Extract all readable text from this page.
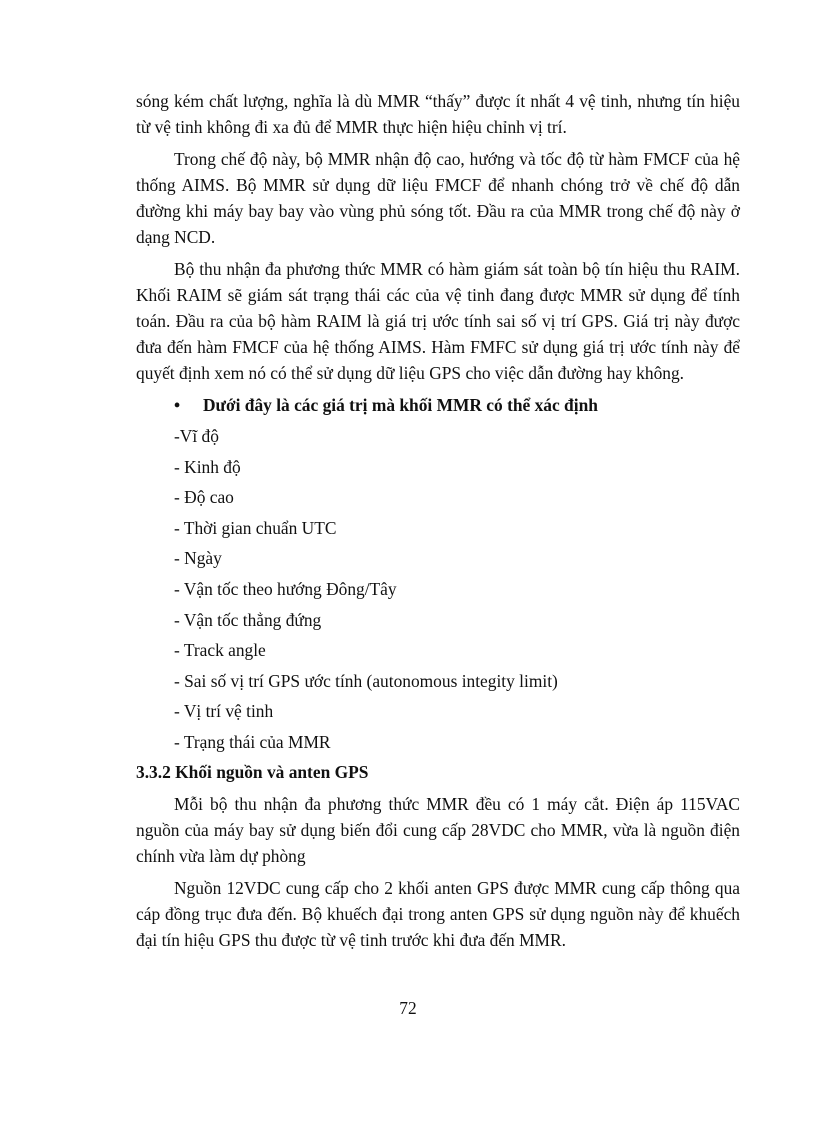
sóng kém chất lượng, nghĩa là dù MMR “thấy” được ít nhất 4 vệ tinh, nhưng tín hiệu từ vệ tinh không đi xa đủ để MMR thực hiện hiệu chỉnh vị trí.

Trong chế độ này, bộ MMR nhận độ cao, hướng và tốc độ từ hàm FMCF của hệ thống AIMS. Bộ MMR sử dụng dữ liệu FMCF để nhanh chóng trở về chế độ dẫn đường khi máy bay bay vào vùng phủ sóng tốt. Đầu ra của MMR trong chế độ này ở dạng NCD.

Bộ thu nhận đa phương thức MMR có hàm giám sát toàn bộ tín hiệu thu RAIM. Khối RAIM sẽ giám sát trạng thái các của vệ tinh đang được MMR sử dụng để tính toán. Đầu ra của bộ hàm RAIM là giá trị ước tính sai số vị trí GPS. Giá trị này được đưa đến hàm FMCF của hệ thống AIMS. Hàm FMFC sử dụng giá trị ước tính này để quyết định xem nó có thể sử dụng dữ liệu GPS cho việc dẫn đường hay không.

• Dưới đây là các giá trị mà khối MMR có thể xác định
-Vĩ độ
- Kinh độ
- Độ cao
- Thời gian chuẩn UTC
- Ngày
- Vận tốc theo hướng Đông/Tây
- Vận tốc thẳng đứng
- Track angle
- Sai số vị trí GPS ước tính (autonomous integity limit)
- Vị trí vệ tinh
- Trạng thái của MMR
3.3.2 Khối nguồn và anten GPS

Mỗi bộ thu nhận đa phương thức MMR đều có 1 máy cắt. Điện áp 115VAC nguồn của máy bay sử dụng biến đổi cung cấp 28VDC cho MMR, vừa là nguồn điện chính vừa làm dự phòng

Nguồn 12VDC cung cấp cho 2 khối anten GPS được MMR cung cấp thông qua cáp đồng trục đưa đến. Bộ khuếch đại trong anten GPS sử dụng nguồn này để khuếch đại tín hiệu GPS thu được từ vệ tinh trước khi đưa đến MMR.

72
